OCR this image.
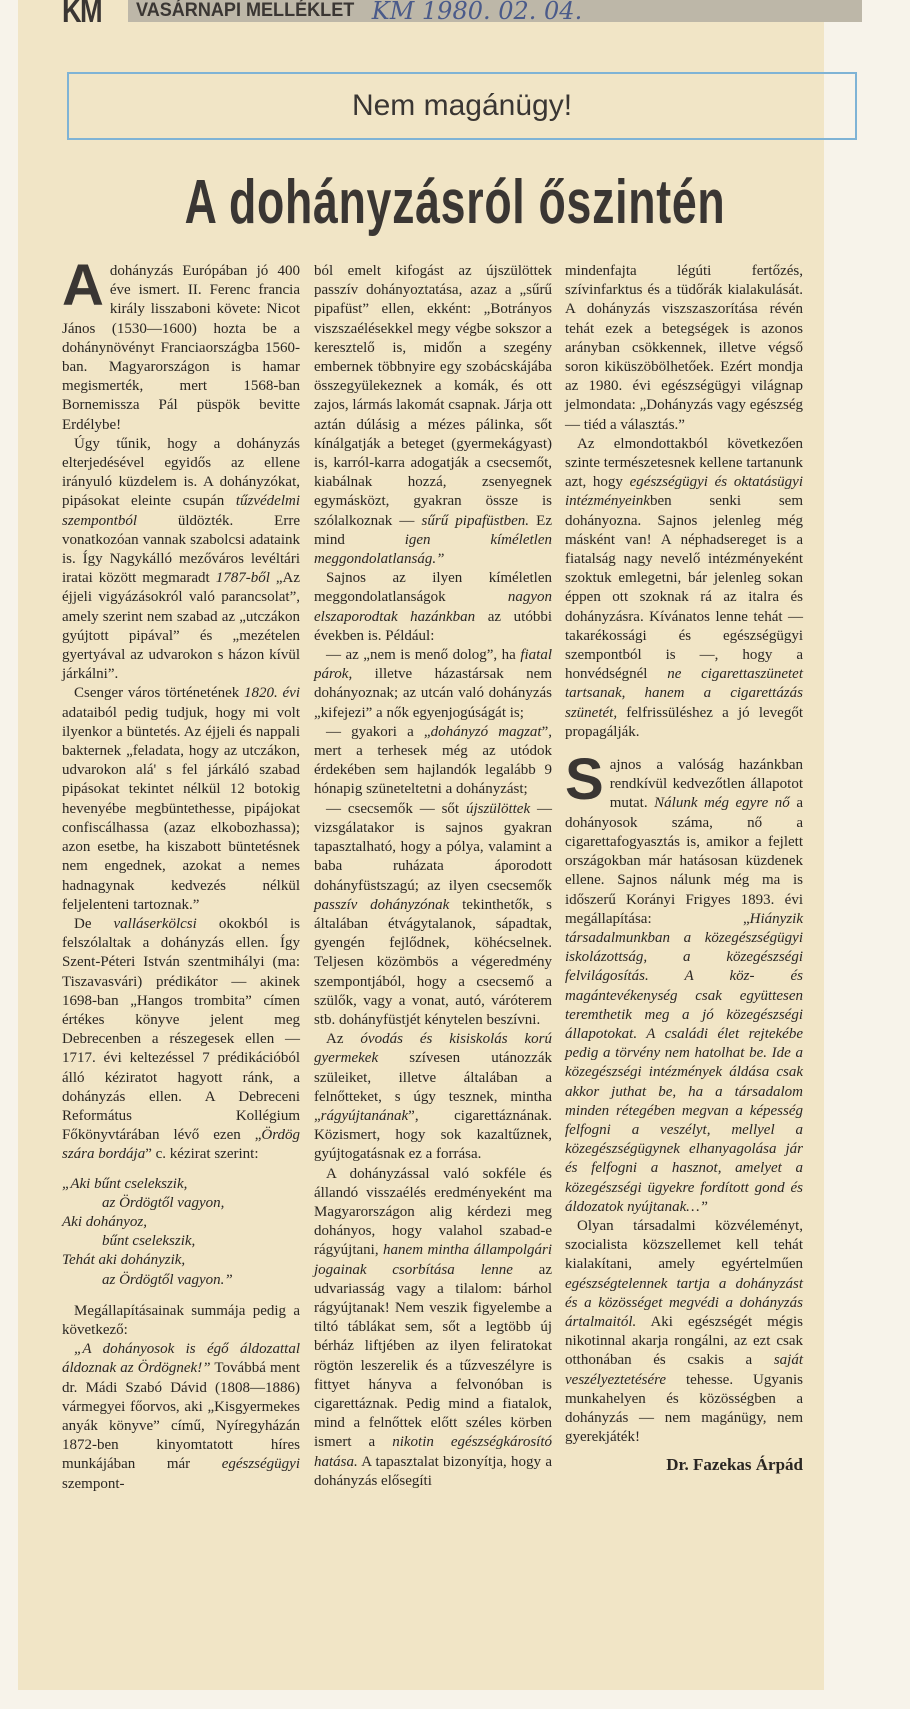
KM	VASÁRNAPI MELLÉKLET KM 1980. 02. 04.
Nem magánügy!
A dohányzásról őszintén
A dohányzás Európában jó 400 éve ismert. II. Ferenc francia király lisszaboni követe: Nicot János (1530—1600) hozta be a dohánynövényt Franciaországba 1560-ban. Magyarországon is hamar megismerték, mert 1568-ban Bornemissza Pál püspök bevitte Erdélybe!

Úgy tűnik, hogy a dohányzás elterjedésével egyidős az ellene irányuló küzdelem is. A dohányzókat, pipásokat eleinte csupán tűzvédelmi szempontból üldözték. Erre vonatkozóan vannak szabolcsi adataink is. Így Nagykálló mezőváros levéltári iratai között megmaradt 1787-ből „Az éjjeli vigyázásokról való parancsolat”, amely szerint nem szabad az „utczákon gyújtott pipával” és „mezételen gyertyával az udvarokon s házon kívül járkálni”.

Csenger város történetének 1820. évi adataiból pedig tudjuk, hogy mi volt ilyenkor a büntetés. Az éjjeli és nappali bakternek „feladata, hogy az utczákon, udvarokon alá' s fel járkáló szabad pipásokat tekintet nélkül 12 botokig hevenyébe megbüntethesse, pipájokat confiscálhassa (azaz elkobozhassa); azon esetbe, ha kiszabott büntetésnek nem engednek, azokat a nemes hadnagynak kedvezés nélkül feljelenteni tartoznak.”

De valláserkölcsi okokból is felszólaltak a dohányzás ellen. Így Szent-Péteri István szentmihályi (ma: Tiszavasvári) prédikátor — akinek 1698-ban „Hangos trombita” címen értékes könyve jelent meg Debrecenben a részegesek ellen — 1717. évi keltezéssel 7 prédikációból álló kéziratot hagyott ránk, a dohányzás ellen. A Debreceni Református Kollégium Főkönyvtárában lévő ezen „Ördög szára bordája” c. kézirat szerint:

„Aki bűnt cselekszik,
az Ördögtől vagyon,
Aki dohányoz,
bűnt cselekszik,
Tehát aki dohányzik,
az Ördögtől vagyon.”

Megállapításainak summája pedig a következő:

„A dohányosok is égő áldozattal áldoznak az Ördögnek!” Továbbá ment dr. Mádi Szabó Dávid (1808—1886) vármegyei főorvos, aki „Kisgyermekes anyák könyve” című, Nyíregyházán 1872-ben kinyomtatott híres munkájában már egészségügyi szempont-

ból emelt kifogást az újszülöttek passzív dohányoztatása, azaz a „sűrű pipafüst” ellen, ekként: „Botrányos viszszaélésekkel megy végbe sokszor a keresztelő is, midőn a szegény embernek többnyire egy szobácskájába összegyülekeznek a komák, és ott zajos, lármás lakomát csapnak. Járja ott aztán dúlásig a mézes pálinka, sőt kínálgatják a beteget (gyermekágyast) is, karról-karra adogatják a csecsemőt, kiabálnak hozzá, zsenyegnek egymásközt, gyakran össze is szólalkoznak — sűrű pipafüstben. Ez mind igen kíméletlen meggondolatlanság.”

Sajnos az ilyen kíméletlen meggondolatlanságok nagyon elszaporodtak hazánkban az utóbbi években is. Például:

— az „nem is menő dolog”, ha fiatal párok, illetve házastársak nem dohányoznak; az utcán való dohányzás „kifejezi” a nők egyenjogúságát is;

— gyakori a „dohányzó magzat”, mert a terhesek még az utódok érdekében sem hajlandók legalább 9 hónapig szüneteltetni a dohányzást;

— csecsemők — sőt újszülöttek — vizsgálatakor is sajnos gyakran tapasztalható, hogy a pólya, valamint a baba ruházata áporodott dohányfüstszagú; az ilyen csecsemők passzív dohányzónak tekinthetők, s általában étvágytalanok, sápadtak, gyengén fejlődnek, köhécselnek. Teljesen közömbös a végeredmény szempontjából, hogy a csecsemő a szülők, vagy a vonat, autó, váróterem stb. dohányfüstjét kénytelen beszívni.

Az óvodás és kisiskolás korú gyermekek szívesen utánozzák szüleiket, illetve általában a felnőtteket, s úgy tesznek, mintha „rágyújtanának”, cigarettáznának. Közismert, hogy sok kazaltűznek, gyújtogatásnak ez a forrása.

A dohányzással való sokféle és állandó visszaélés eredményeként ma Magyarországon alig kérdezi meg dohányos, hogy valahol szabad-e rágyújtani, hanem mintha állampolgári jogainak csorbítása lenne az udvariasság vagy a tilalom: bárhol rágyújtanak! Nem veszik figyelembe a tiltó táblákat sem, sőt a legtöbb új bérház liftjében az ilyen feliratokat rögtön leszerelik és a tűzveszélyre is fittyet hányva a felvonóban is cigarettáznak. Pedig mind a fiatalok, mind a felnőttek előtt széles körben ismert a nikotin egészségkárosító hatása. A tapasztalat bizonyítja, hogy a dohányzás elősegíti

mindenfajta légúti fertőzés, szívinfarktus és a tüdőrák kialakulását. A dohányzás viszszaszorítása révén tehát ezek a betegségek is azonos arányban csökkennek, illetve végső soron kiküszöbölhetőek. Ezért mondja az 1980. évi egészségügyi világnap jelmondata: „Dohányzás vagy egészség — tiéd a választás.”

Az elmondottakból következően szinte természetesnek kellene tartanunk azt, hogy egészségügyi és oktatásügyi intézményeinkben senki sem dohányozna. Sajnos jelenleg még másként van! A néphadsereget is a fiatalság nagy nevelő intézményeként szoktuk emlegetni, bár jelenleg sokan éppen ott szoknak rá az italra és dohányzásra. Kívánatos lenne tehát — takarékossági és egészségügyi szempontból is —, hogy a honvédségnél ne cigarettaszünetet tartsanak, hanem a cigarettázás szünetét, felfrissüléshez a jó levegőt propagálják.

S ajnos a valóság hazánkban rendkívül kedvezőtlen állapotot mutat. Nálunk még egyre nő a dohányosok száma, nő a cigarettafogyasztás is, amikor a fejlett országokban már hatásosan küzdenek ellene. Sajnos nálunk még ma is időszerű Korányi Frigyes 1893. évi megállapítása: „Hiányzik társadalmunkban a közegészségügyi iskolázottság, a közegészségi felvilágosítás. A köz- és magántevékenység csak együttesen teremthetik meg a jó közegészségi állapotokat. A családi élet rejtekébe pedig a törvény nem hatolhat be. Ide a közegészségi intézmények áldása csak akkor juthat be, ha a társadalom minden rétegében megvan a képesség felfogni a veszélyt, mellyel a közegészségügynek elhanyagolása jár és felfogni a hasznot, amelyet a közegészségi ügyekre fordított gond és áldozatok nyújtanak…”

Olyan társadalmi közvéleményt, szocialista közszellemet kell tehát kialakítani, amely egyértelműen egészségtelennek tartja a dohányzást és a közösséget megvédi a dohányzás ártalmaitól. Aki egészségét mégis nikotinnal akarja rongálni, az ezt csak otthonában és csakis a saját veszélyeztetésére tehesse. Ugyanis munkahelyen és közösségben a dohányzás — nem magánügy, nem gyerekjáték!

Dr. Fazekas Árpád
